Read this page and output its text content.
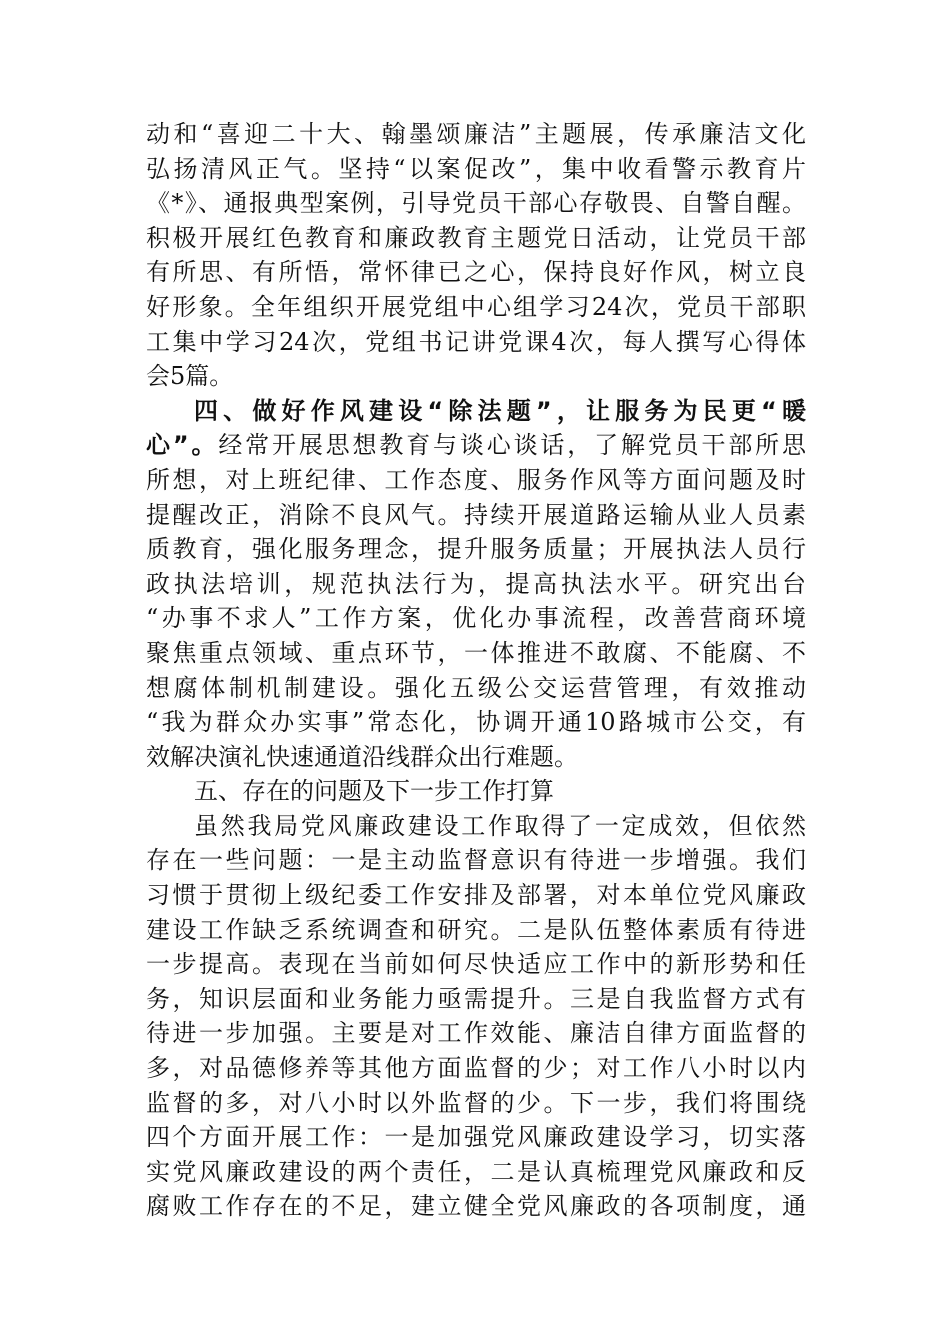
动和“喜迎二十大、翰墨颂廉洁”主题展，传承廉洁文化
弘扬清风正气。坚持“以案促改”，集中收看警示教育片
《*》、通报典型案例，引导党员干部心存敬畏、自警自醒。
积极开展红色教育和廉政教育主题党日活动，让党员干部
有所思、有所悟，常怀律已之心，保持良好作风，树立良
好形象。全年组织开展党组中心组学习24次，党员干部职
工集中学习24次，党组书记讲党课4次，每人撰写心得体
会5篇。
四、做好作风建设“除法题”，让服务为民更“暖
心”。经常开展思想教育与谈心谈话，了解党员干部所思
所想，对上班纪律、工作态度、服务作风等方面问题及时
提醒改正，消除不良风气。持续开展道路运输从业人员素
质教育，强化服务理念，提升服务质量；开展执法人员行
政执法培训，规范执法行为，提高执法水平。研究出台
“办事不求人”工作方案，优化办事流程，改善营商环境
聚焦重点领域、重点环节，一体推进不敢腐、不能腐、不
想腐体制机制建设。强化五级公交运营管理，有效推动
“我为群众办实事”常态化，协调开通10路城市公交，有
效解决演礼快速通道沿线群众出行难题。
五、存在的问题及下一步工作打算
虽然我局党风廉政建设工作取得了一定成效，但依然
存在一些问题：一是主动监督意识有待进一步增强。我们
习惯于贯彻上级纪委工作安排及部署，对本单位党风廉政
建设工作缺乏系统调查和研究。二是队伍整体素质有待进
一步提高。表现在当前如何尽快适应工作中的新形势和任
务，知识层面和业务能力亟需提升。三是自我监督方式有
待进一步加强。主要是对工作效能、廉洁自律方面监督的
多，对品德修养等其他方面监督的少；对工作八小时以内
监督的多，对八小时以外监督的少。下一步，我们将围绕
四个方面开展工作：一是加强党风廉政建设学习，切实落
实党风廉政建设的两个责任，二是认真梳理党风廉政和反
腐败工作存在的不足，建立健全党风廉政的各项制度，通
